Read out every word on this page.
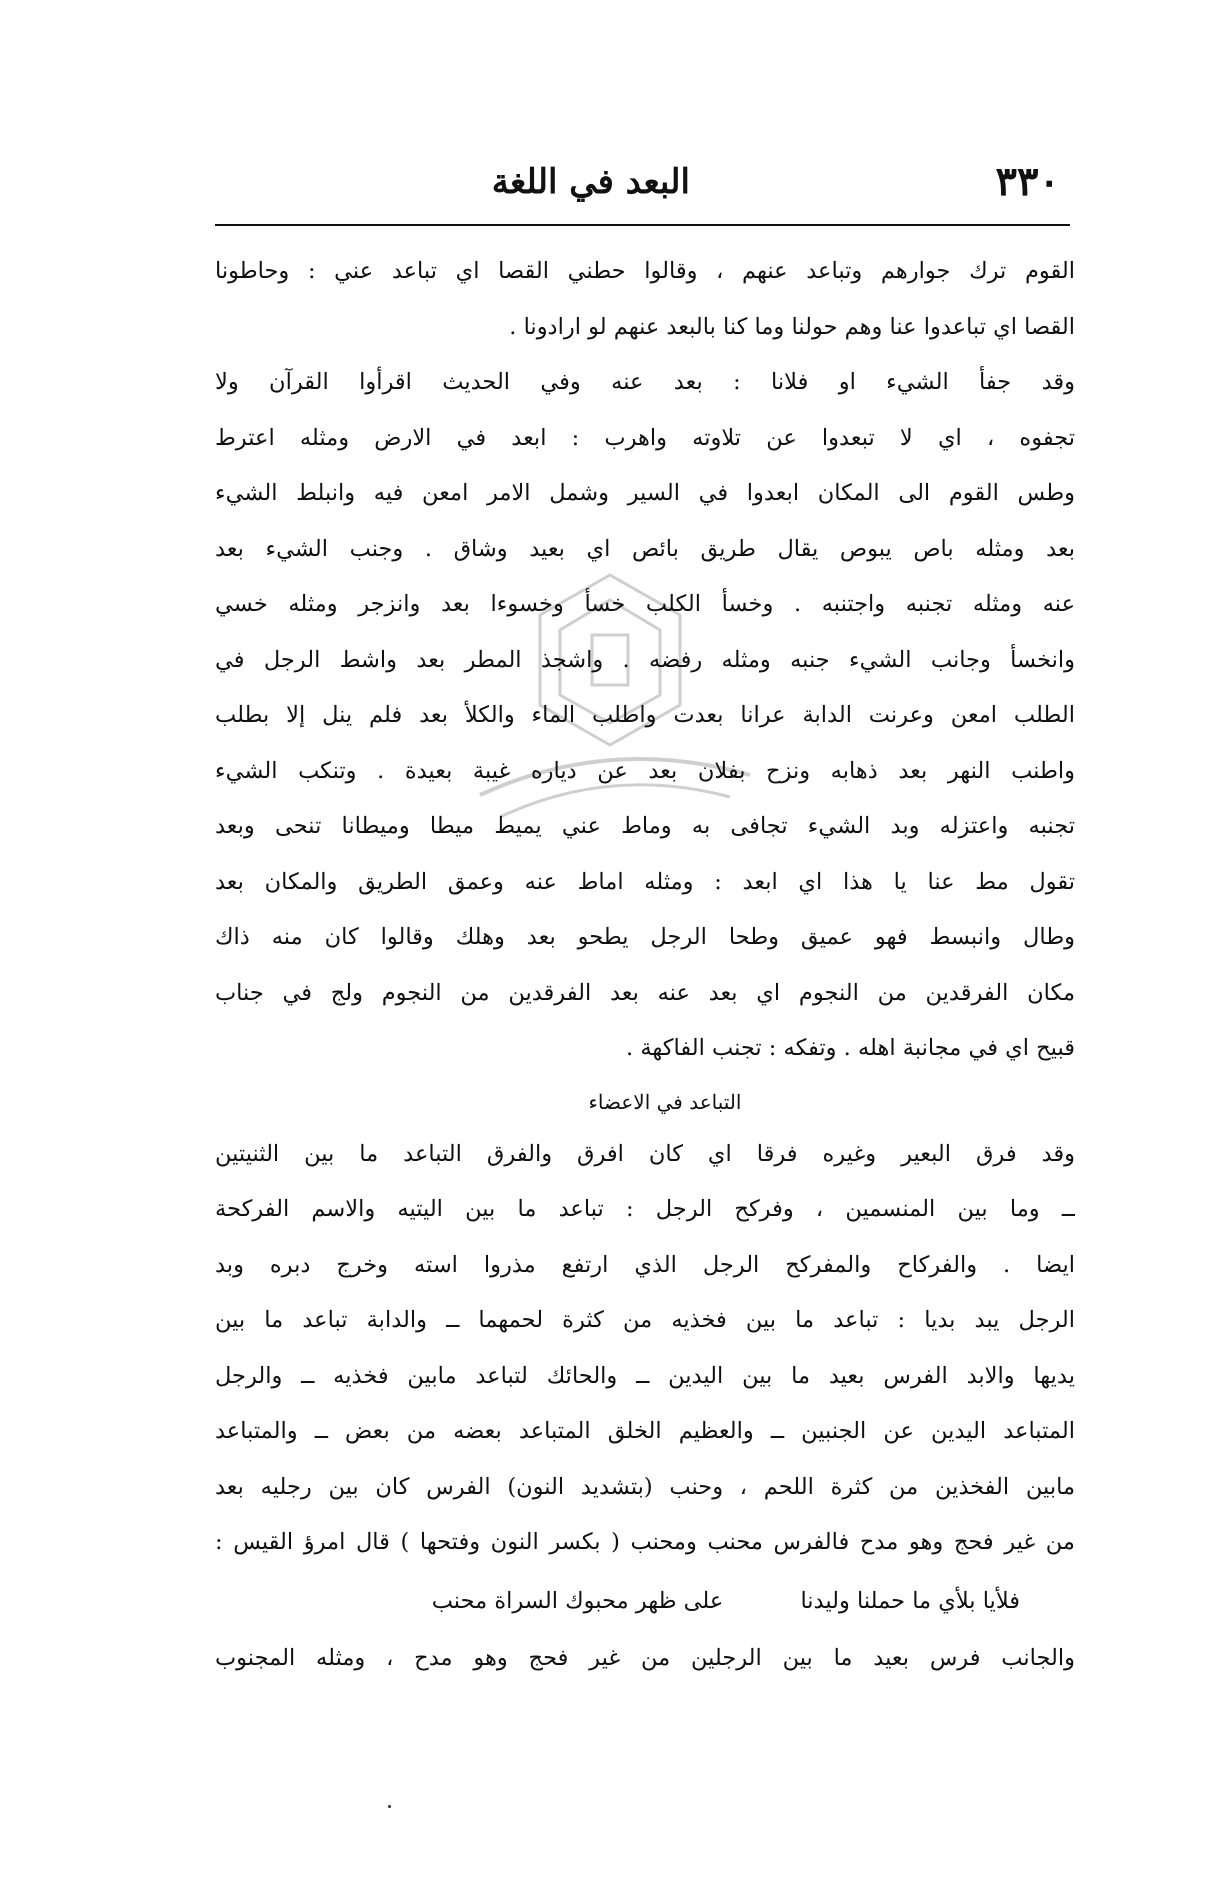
٣٣٠
البعد في اللغة
القوم ترك جوارهم وتباعد عنهم ، وقالوا حطني القصا اي تباعد عني : وحاطونا
القصا اي تباعدوا عنا وهم حولنا وما كنا بالبعد عنهم لو ارادونا .
وقد جفأ الشيء او فلانا : بعد عنه وفي الحديث اقرأوا القرآن ولا
تجفوه ، اي لا تبعدوا عن تلاوته واهرب : ابعد في الارض ومثله اعترط
وطس القوم الى المكان ابعدوا في السير وشمل الامر امعن فيه وانبلط الشيء
بعد ومثله باص يبوص يقال طريق بائص اي بعيد وشاق . وجنب الشيء بعد
عنه ومثله تجنبه واجتنبه . وخسأ الكلب خسأ وخسوءا بعد وانزجر ومثله خسي
وانخسأ وجانب الشيء جنبه ومثله رفضه . واشجذ المطر بعد واشط الرجل في
الطلب امعن وعرنت الدابة عرانا بعدت واطلب الماء والكلأ بعد فلم ينل إلا بطلب
واطنب النهر بعد ذهابه ونزح بفلان بعد عن دياره غيبة بعيدة . وتنكب الشيء
تجنبه واعتزله وبد الشيء تجافى به وماط عني يميط ميطا وميطانا تنحى وبعد
تقول مط عنا يا هذا اي ابعد : ومثله اماط عنه وعمق الطريق والمكان بعد
وطال وانبسط فهو عميق وطحا الرجل يطحو بعد وهلك وقالوا كان منه ذاك
مكان الفرقدين من النجوم اي بعد عنه بعد الفرقدين من النجوم ولج في جناب
قبيح اي في مجانبة اهله . وتفكه : تجنب الفاكهة .
التباعد في الاعضاء
وقد فرق البعير وغيره فرقا اي كان افرق والفرق التباعد ما بين الثنيتين
ــ وما بين المنسمين ، وفركح الرجل : تباعد ما بين اليتيه والاسم الفركحة
ايضا . والفركاح والمفركح الرجل الذي ارتفع مذروا استه وخرج دبره وبد
الرجل يبد بديا : تباعد ما بين فخذيه من كثرة لحمهما ــ والدابة تباعد ما بين
يديها والابد الفرس بعيد ما بين اليدين ــ والحائك لتباعد مابين فخذيه ــ والرجل
المتباعد اليدين عن الجنبين ــ والعظيم الخلق المتباعد بعضه من بعض ــ والمتباعد
مابين الفخذين من كثرة اللحم ، وحنب (بتشديد النون) الفرس كان بين رجليه بعد
من غير فحج وهو مدح فالفرس محنب ومحنب ( بكسر النون وفتحها ) قال امرؤ القيس :
فلأيا بلأي ما حملنا وليدنا على ظهر محبوك السراة محنب
والجانب فرس بعيد ما بين الرجلين من غير فحج وهو مدح ، ومثله المجنوب
